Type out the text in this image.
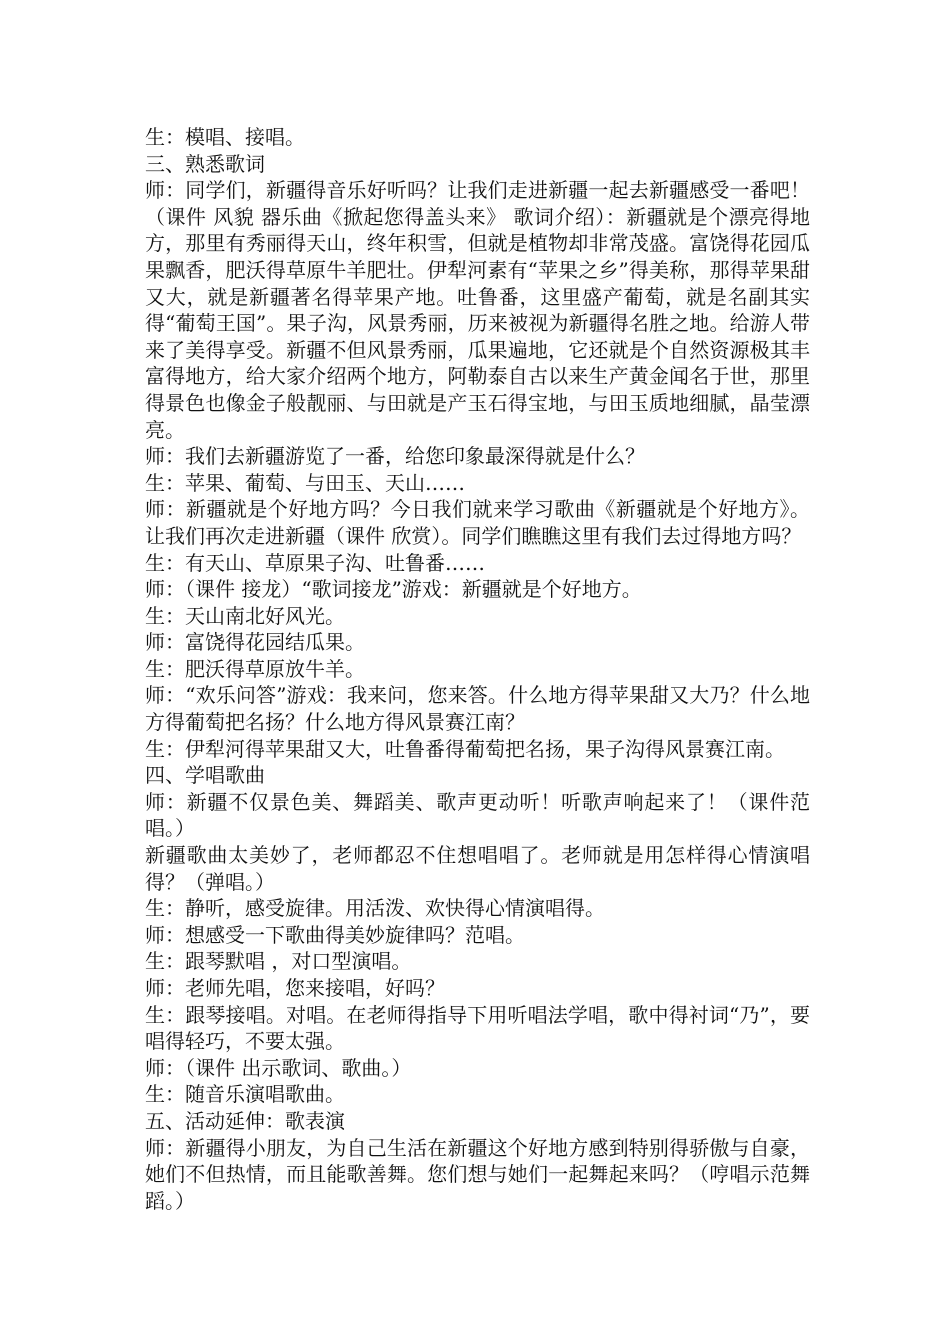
生：模唱、接唱。

三、熟悉歌词

师：同学们，新疆得音乐好听吗？让我们走进新疆一起去新疆感受一番吧！（课件 风貌 器乐曲《掀起您得盖头来》 歌词介绍）：新疆就是个漂亮得地方，那里有秀丽得天山，终年积雪，但就是植物却非常茂盛。富饶得花园瓜果飘香，肥沃得草原牛羊肥壮。伊犁河素有“苹果之乡”得美称，那得苹果甜又大，就是新疆著名得苹果产地。吐鲁番，这里盛产葡萄，就是名副其实得“葡萄王国”。果子沟，风景秀丽，历来被视为新疆得名胜之地。给游人带来了美得享受。新疆不但风景秀丽，瓜果遍地，它还就是个自然资源极其丰富得地方，给大家介绍两个地方，阿勒泰自古以来生产黄金闻名于世，那里得景色也像金子般靓丽、与田就是产玉石得宝地，与田玉质地细腻，晶莹漂亮。

师：我们去新疆游览了一番，给您印象最深得就是什么？

生：苹果、葡萄、与田玉、天山……

师：新疆就是个好地方吗？今日我们就来学习歌曲《新疆就是个好地方》。让我们再次走进新疆（课件 欣赏）。同学们瞧瞧这里有我们去过得地方吗？

生：有天山、草原果子沟、吐鲁番……

师：（课件 接龙）“歌词接龙”游戏：新疆就是个好地方。

生：天山南北好风光。

师：富饶得花园结瓜果。

生：肥沃得草原放牛羊。

师：“欢乐问答”游戏：我来问，您来答。什么地方得苹果甜又大乃？什么地方得葡萄把名扬？什么地方得风景赛江南？

生：伊犁河得苹果甜又大，吐鲁番得葡萄把名扬，果子沟得风景赛江南。

四、学唱歌曲

师：新疆不仅景色美、舞蹈美、歌声更动听！听歌声响起来了！（课件范唱。）

新疆歌曲太美妙了，老师都忍不住想唱唱了。老师就是用怎样得心情演唱得？（弹唱。）

生：静听，感受旋律。用活泼、欢快得心情演唱得。

师：想感受一下歌曲得美妙旋律吗？范唱。

生：跟琴默唱 ，对口型演唱。

师：老师先唱，您来接唱，好吗？

生：跟琴接唱。对唱。在老师得指导下用听唱法学唱，歌中得衬词“乃”，要唱得轻巧，不要太强。

师：（课件 出示歌词、歌曲。）

生：随音乐演唱歌曲。

五、活动延伸：歌表演

师：新疆得小朋友，为自己生活在新疆这个好地方感到特别得骄傲与自豪，她们不但热情，而且能歌善舞。您们想与她们一起舞起来吗？（哼唱示范舞蹈。）
